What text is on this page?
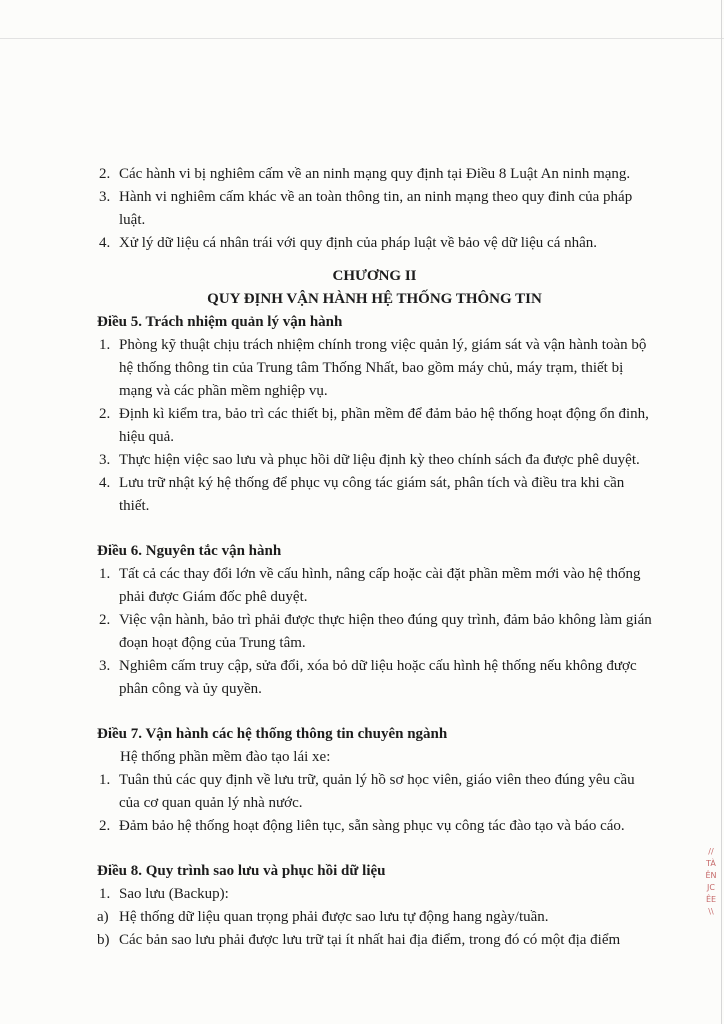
2. Các hành vi bị nghiêm cấm về an ninh mạng quy định tại Điều 8 Luật An ninh mạng.
3. Hành vi nghiêm cấm khác về an toàn thông tin, an ninh mạng theo quy đinh của pháp luật.
4. Xử lý dữ liệu cá nhân trái với quy định của pháp luật về bảo vệ dữ liệu cá nhân.
CHƯƠNG II
QUY ĐỊNH VẬN HÀNH HỆ THỐNG THÔNG TIN
Điều 5. Trách nhiệm quản lý vận hành
1. Phòng kỹ thuật chịu trách nhiệm chính trong việc quản lý, giám sát và vận hành toàn bộ hệ thống thông tin của Trung tâm Thống Nhất, bao gồm máy chủ, máy trạm, thiết bị mạng và các phần mềm nghiệp vụ.
2. Định kì kiểm tra, bảo trì các thiết bị, phần mềm để đảm bảo hệ thống hoạt động ổn đinh, hiệu quả.
3. Thực hiện việc sao lưu và phục hồi dữ liệu định kỳ theo chính sách đa được phê duyệt.
4. Lưu trữ nhật ký hệ thống để phục vụ công tác giám sát, phân tích và điều tra khi cần thiết.
Điều 6. Nguyên tắc vận hành
1. Tất cả các thay đổi lớn về cấu hình, nâng cấp hoặc cài đặt phần mềm mới vào hệ thống phải được Giám đốc phê duyệt.
2. Việc vận hành, bảo trì phải được thực hiện theo đúng quy trình, đảm bảo không làm gián đoạn hoạt động của Trung tâm.
3. Nghiêm cấm truy cập, sửa đổi, xóa bỏ dữ liệu hoặc cấu hình hệ thống nếu không được phân công và ủy quyền.
Điều 7. Vận hành các hệ thống thông tin chuyên ngành
Hệ thống phần mềm đào tạo lái xe:
1. Tuân thủ các quy định về lưu trữ, quản lý hồ sơ học viên, giáo viên theo đúng yêu cầu của cơ quan quản lý nhà nước.
2. Đảm bảo hệ thống hoạt động liên tục, sẵn sàng phục vụ công tác đào tạo và báo cáo.
Điều 8. Quy trình sao lưu và phục hồi dữ liệu
1. Sao lưu (Backup):
a) Hệ thống dữ liệu quan trọng phải được sao lưu tự động hang ngày/tuần.
b) Các bản sao lưu phải được lưu trữ tại ít nhất hai địa điểm, trong đó có một địa điểm
//
TÀ
ÊN
JC
ÊE
\\
